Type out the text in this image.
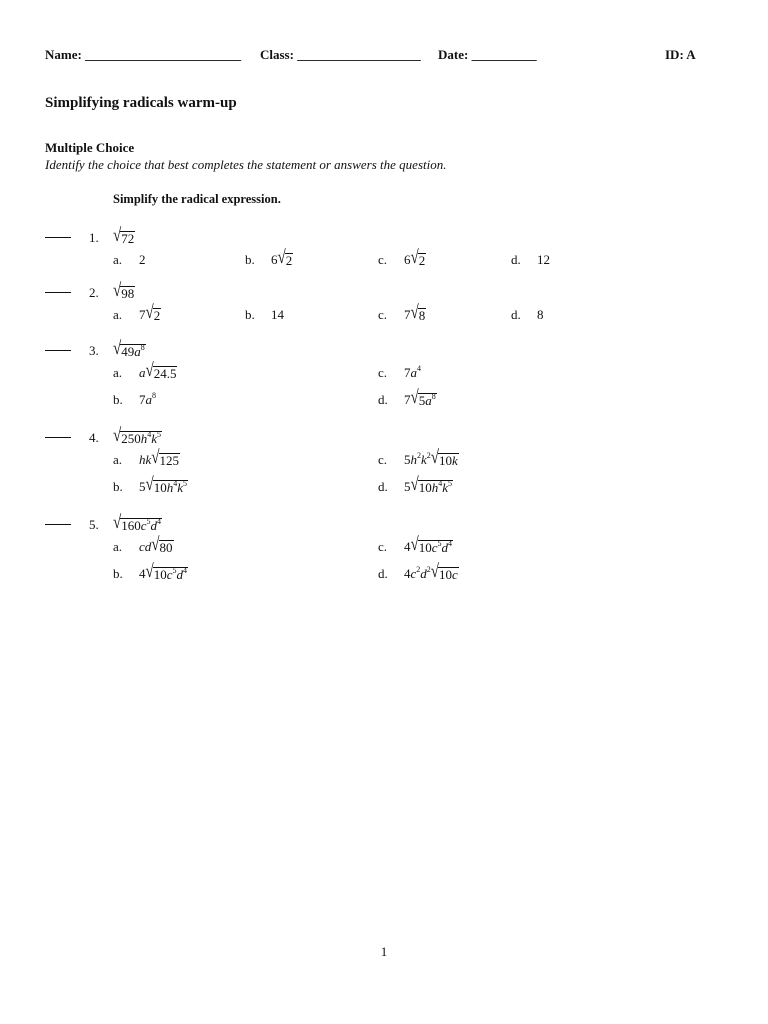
Name: ________________________ Class: ___________________ Date: __________	ID: A
Simplifying radicals warm-up
Multiple Choice
Identify the choice that best completes the statement or answers the question.
Simplify the radical expression.
1. √ 72
a. 2	b. 6 √ 2	c. 6 √ 2	d. 12
2. √ 98
a. 7 √ 2	b. 14	c. 7 √ 8	d. 8
3. √ $49a^8$
a. a √ 24.5	c. $7a^4$
b. $7a^8$	d. 7 √ $5a^8$
4. √ $250h^4k^5$
a. hk √ 125	c. $5h^2k^2$ √ 10k
b. 5 √ $10h^4k^5$	d. 5 √ $10h^4k^5$
5. √ $160c^5d^4$
a. cd √ 80	c. 4 √ $10c^5d^4$
b. 4 √ $10c^5d^4$	d. $4c^2d^2$ √ 10c
1
